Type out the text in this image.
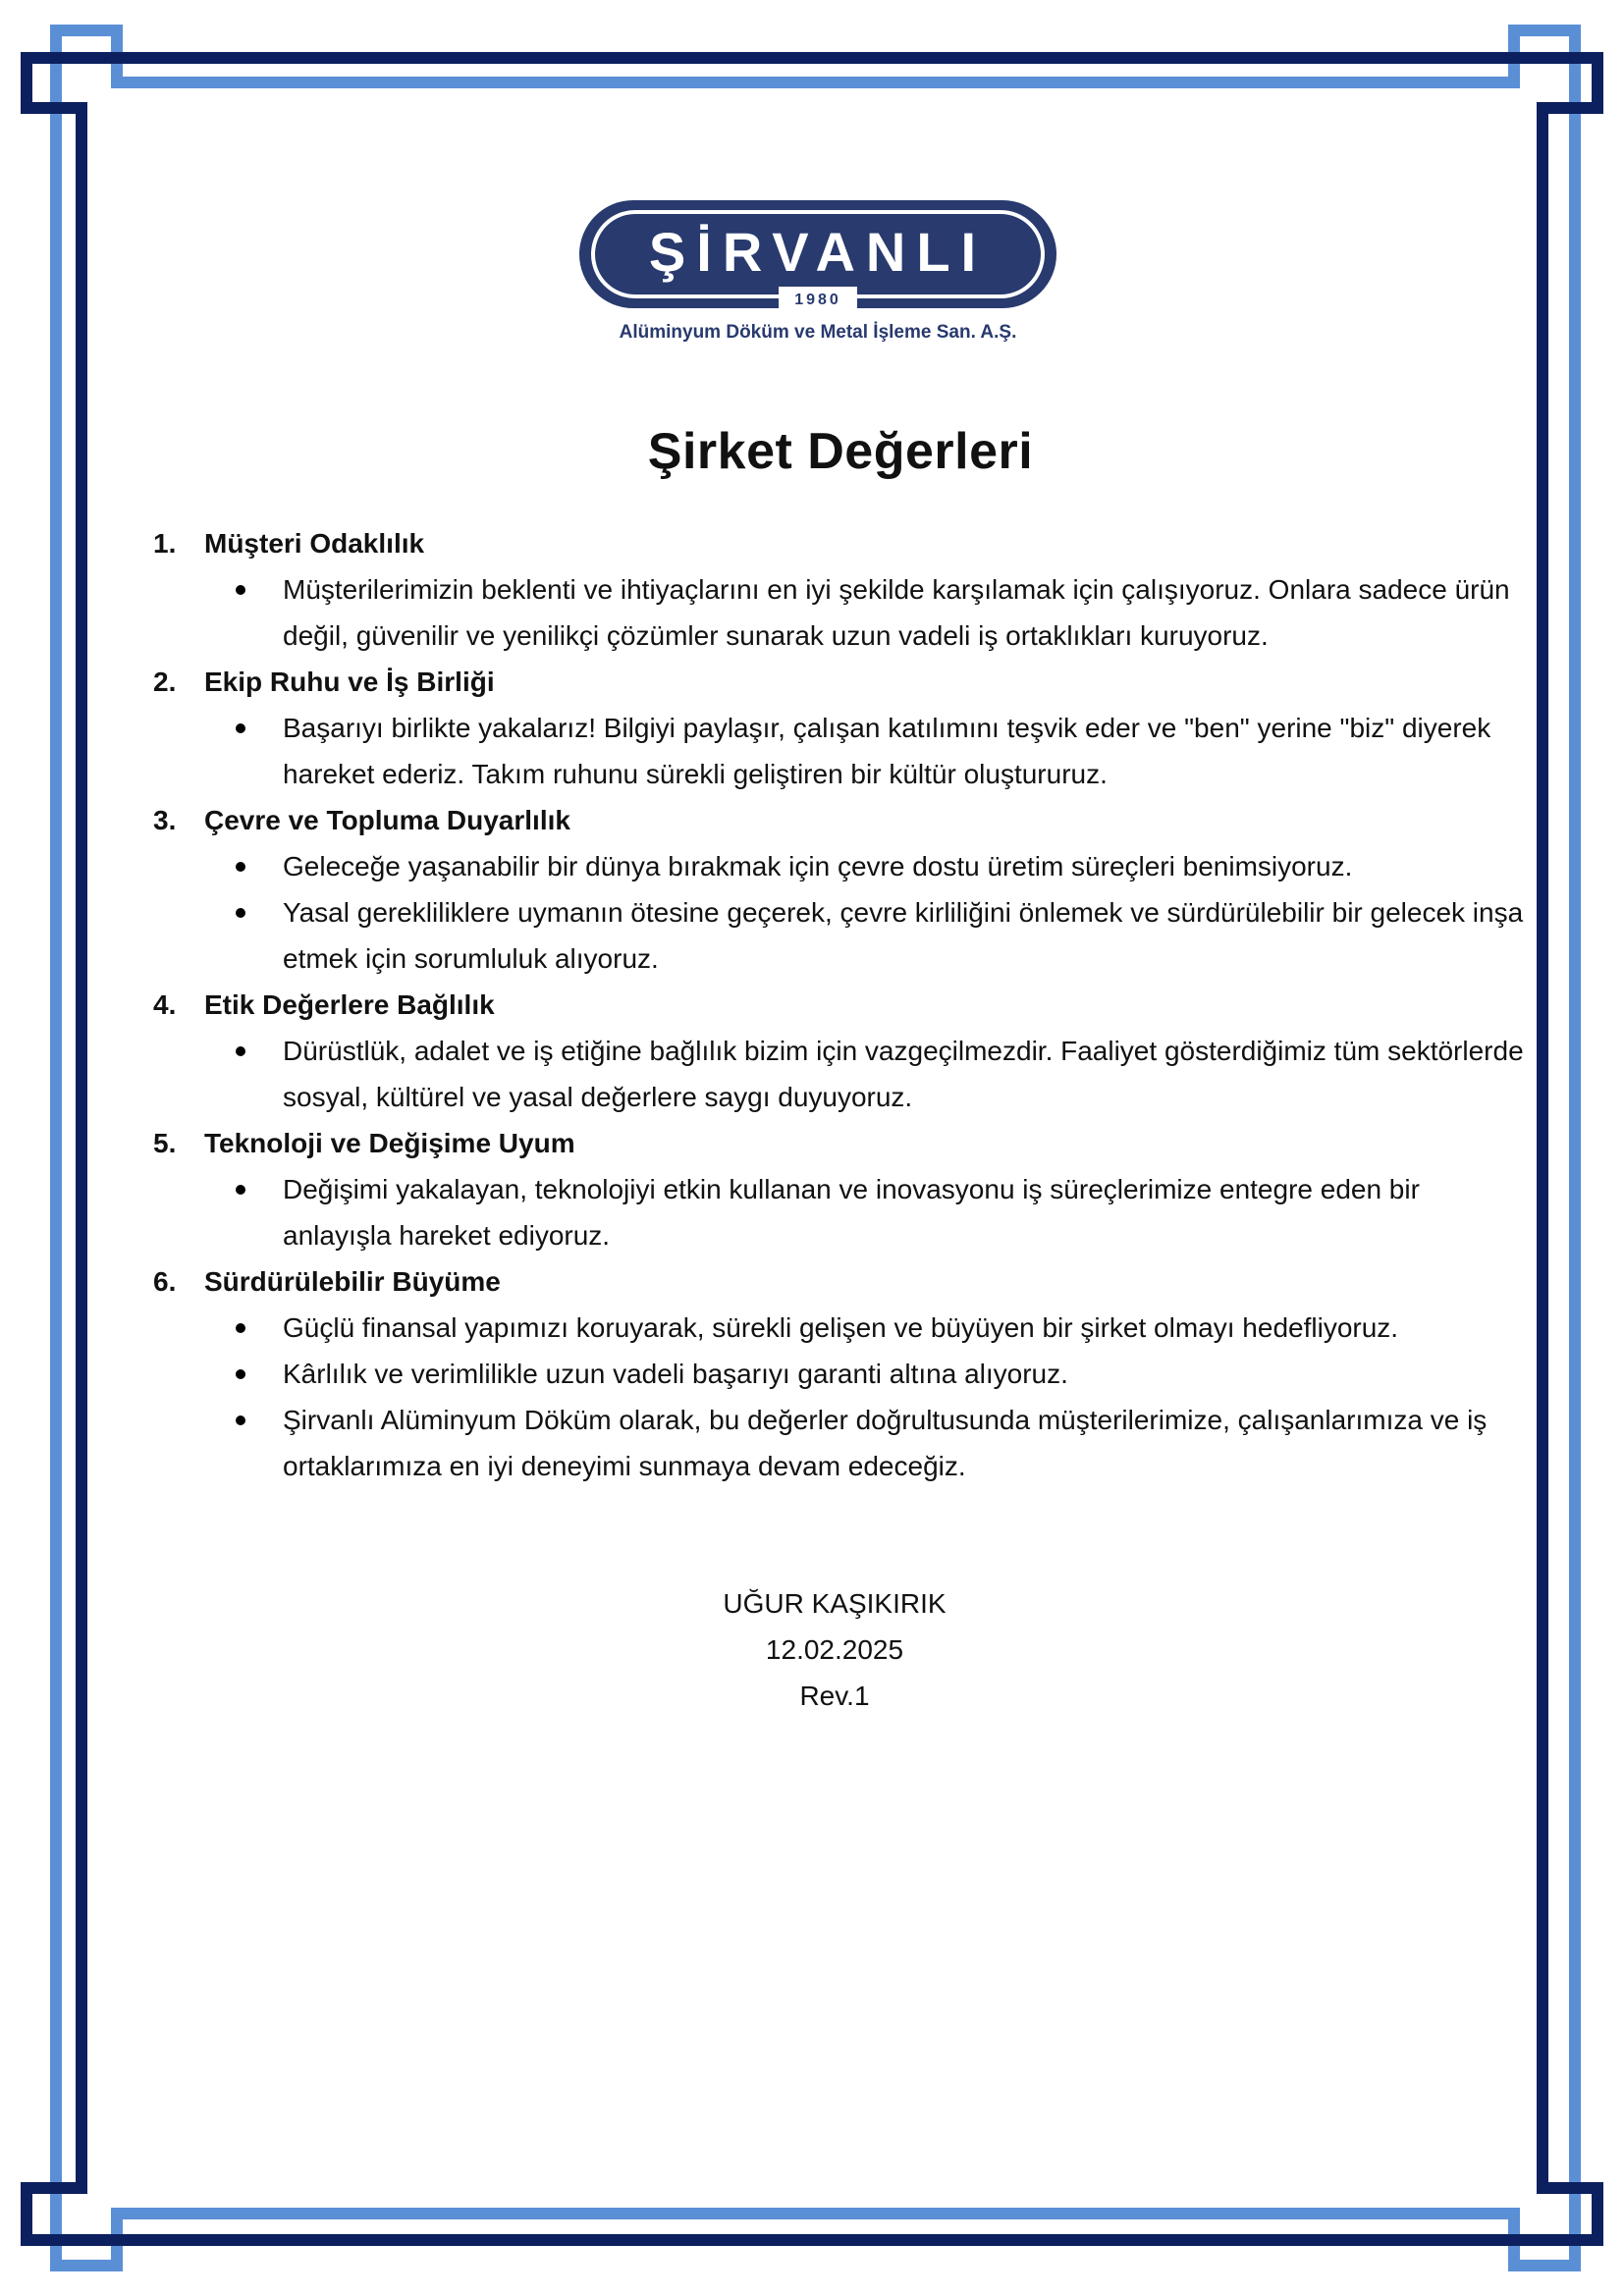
ŞİRVANLI
1980
Alüminyum Döküm ve Metal İşleme San. A.Ş.
Şirket Değerleri
1.	Müşteri Odaklılık
Müşterilerimizin beklenti ve ihtiyaçlarını en iyi şekilde karşılamak için çalışıyoruz. Onlara sadece ürün değil, güvenilir ve yenilikçi çözümler sunarak uzun vadeli iş ortaklıkları kuruyoruz.
2.	Ekip Ruhu ve İş Birliği
Başarıyı birlikte yakalarız! Bilgiyi paylaşır, çalışan katılımını teşvik eder ve "ben" yerine "biz" diyerek hareket ederiz. Takım ruhunu sürekli geliştiren bir kültür oluştururuz.
3.	Çevre ve Topluma Duyarlılık
Geleceğe yaşanabilir bir dünya bırakmak için çevre dostu üretim süreçleri benimsiyoruz.
Yasal gerekliliklere uymanın ötesine geçerek, çevre kirliliğini önlemek ve sürdürülebilir bir gelecek inşa etmek için sorumluluk alıyoruz.
4.	Etik Değerlere Bağlılık
Dürüstlük, adalet ve iş etiğine bağlılık bizim için vazgeçilmezdir. Faaliyet gösterdiğimiz tüm sektörlerde sosyal, kültürel ve yasal değerlere saygı duyuyoruz.
5.	Teknoloji ve Değişime Uyum
Değişimi yakalayan, teknolojiyi etkin kullanan ve inovasyonu iş süreçlerimize entegre eden bir anlayışla hareket ediyoruz.
6.	Sürdürülebilir Büyüme
Güçlü finansal yapımızı koruyarak, sürekli gelişen ve büyüyen bir şirket olmayı hedefliyoruz.
Kârlılık ve verimlilikle uzun vadeli başarıyı garanti altına alıyoruz.
Şirvanlı Alüminyum Döküm olarak, bu değerler doğrultusunda müşterilerimize, çalışanlarımıza ve iş ortaklarımıza en iyi deneyimi sunmaya devam edeceğiz.
UĞUR KAŞIKIRIK
12.02.2025
Rev.1
